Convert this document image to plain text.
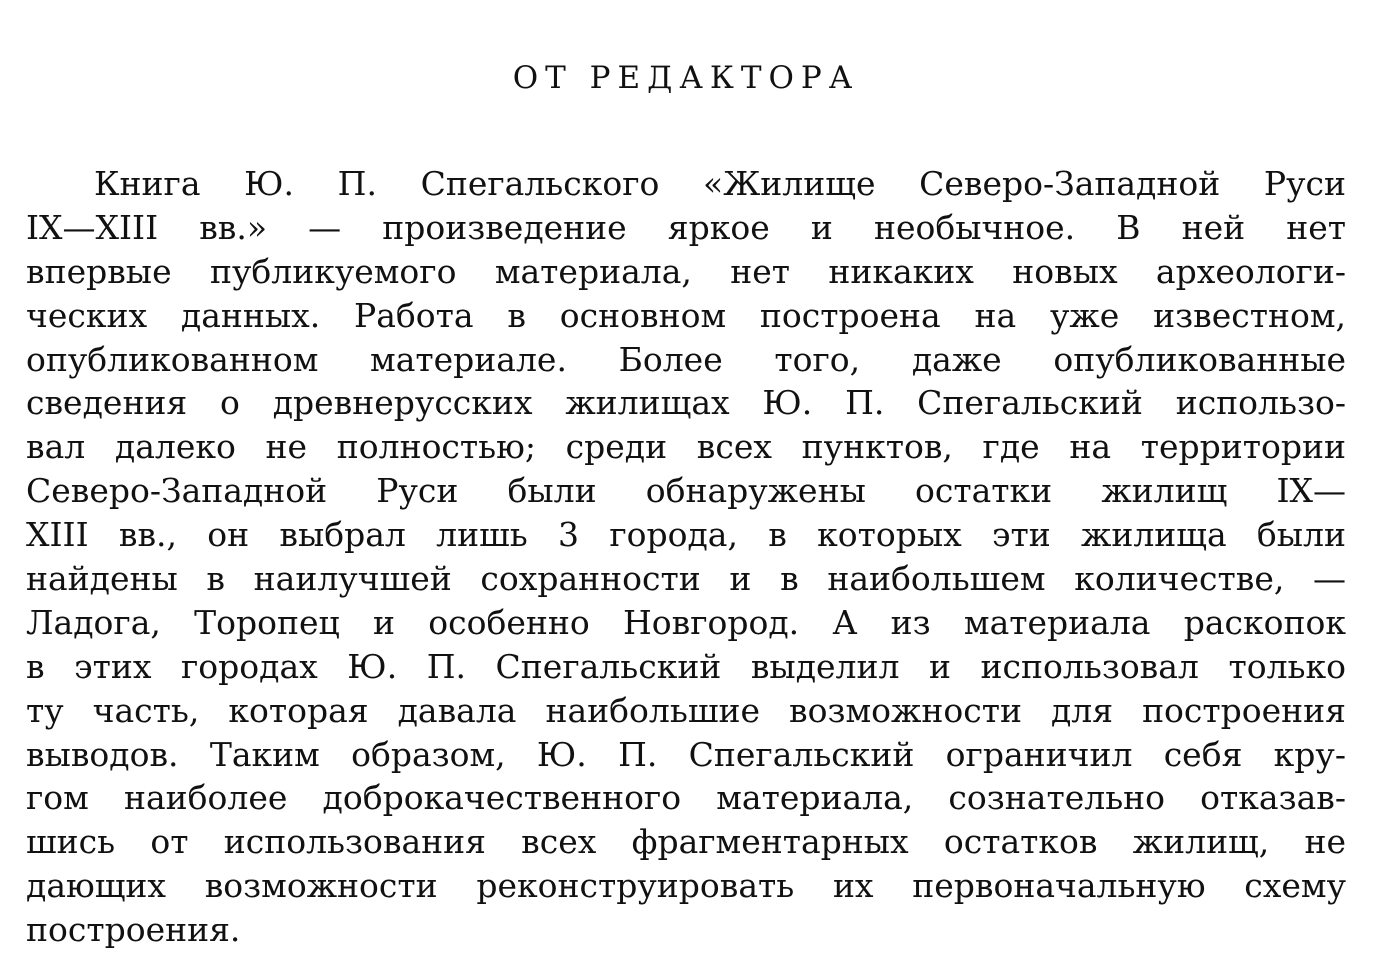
ОТ РЕДАКТОРА
Книга Ю. П. Спегальского «Жилище Северо-Западной Руси
IX—XIII вв.» — произведение яркое и необычное. В ней нет
впервые публикуемого материала, нет никаких новых археологи-
ческих данных. Работа в основном построена на уже известном,
опубликованном материале. Более того, даже опубликованные
сведения о древнерусских жилищах Ю. П. Спегальский использо-
вал далеко не полностью; среди всех пунктов, где на территории
Северо-Западной Руси были обнаружены остатки жилищ IX—
XIII вв., он выбрал лишь 3 города, в которых эти жилища были
найдены в наилучшей сохранности и в наибольшем количестве, —
Ладога, Торопец и особенно Новгород. А из материала раскопок
в этих городах Ю. П. Спегальский выделил и использовал только
ту часть, которая давала наибольшие возможности для построения
выводов. Таким образом, Ю. П. Спегальский ограничил себя кру-
гом наиболее доброкачественного материала, сознательно отказав-
шись от использования всех фрагментарных остатков жилищ, не
дающих возможности реконструировать их первоначальную схему
построения.
